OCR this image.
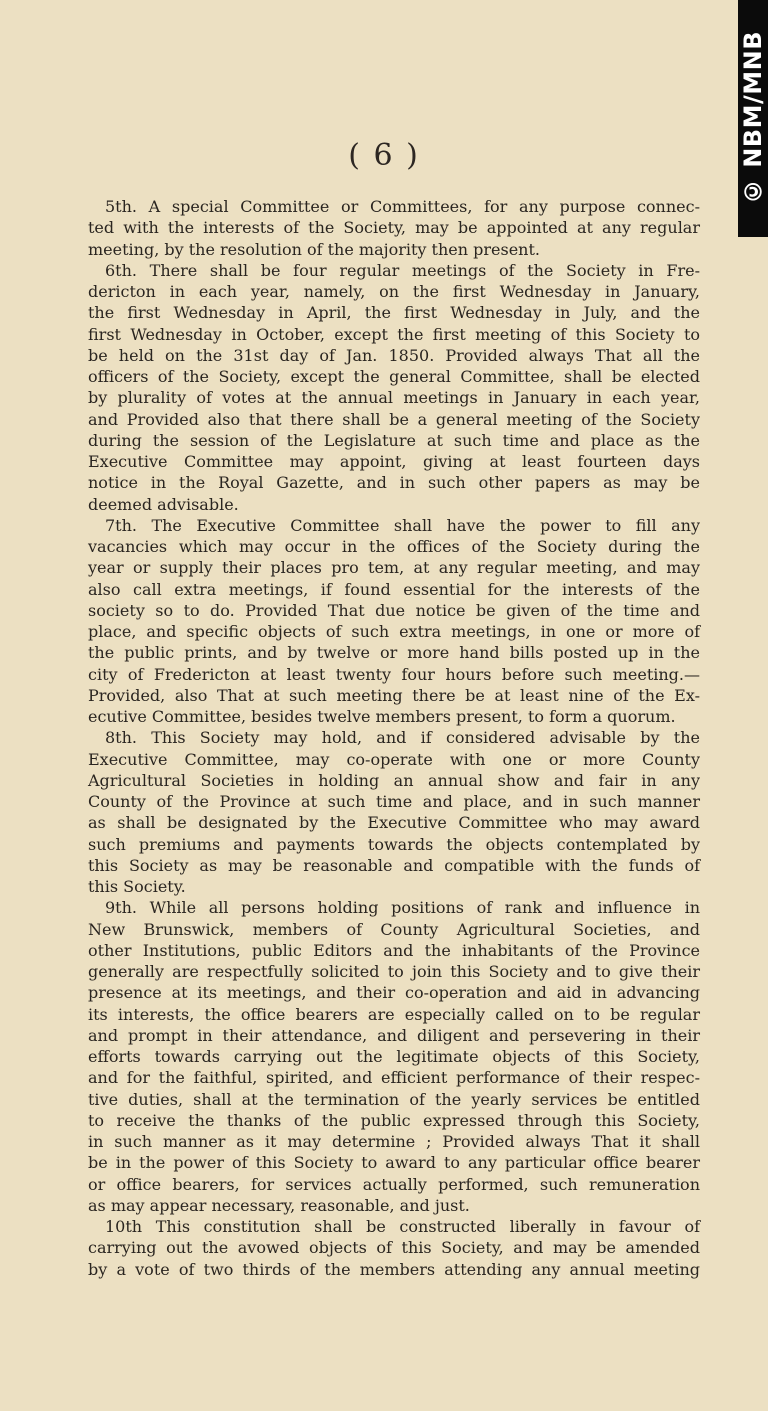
© NBM/MNB
( 6 )
5th. A special Committee or Committees, for any purpose connec-
ted with the interests of the Society, may be appointed at any regular
meeting, by the resolution of the majority then present.
6th. There shall be four regular meetings of the Society in Fre-
dericton in each year, namely, on the first Wednesday in January,
the first Wednesday in April, the first Wednesday in July, and the
first Wednesday in October, except the first meeting of this Society to
be held on the 31st day of Jan. 1850. Provided always That all the
officers of the Society, except the general Committee, shall be elected
by plurality of votes at the annual meetings in January in each year,
and Provided also that there shall be a general meeting of the Society
during the session of the Legislature at such time and place as the
Executive Committee may appoint, giving at least fourteen days
notice in the Royal Gazette, and in such other papers as may be
deemed advisable.
7th. The Executive Committee shall have the power to fill any
vacancies which may occur in the offices of the Society during the
year or supply their places pro tem, at any regular meeting, and may
also call extra meetings, if found essential for the interests of the
society so to do. Provided That due notice be given of the time and
place, and specific objects of such extra meetings, in one or more of
the public prints, and by twelve or more hand bills posted up in the
city of Fredericton at least twenty four hours before such meeting.—
Provided, also That at such meeting there be at least nine of the Ex-
ecutive Committee, besides twelve members present, to form a quorum.
8th. This Society may hold, and if considered advisable by the
Executive Committee, may co-operate with one or more County
Agricultural Societies in holding an annual show and fair in any
County of the Province at such time and place, and in such manner
as shall be designated by the Executive Committee who may award
such premiums and payments towards the objects contemplated by
this Society as may be reasonable and compatible with the funds of
this Society.
9th. While all persons holding positions of rank and influence in
New Brunswick, members of County Agricultural Societies, and
other Institutions, public Editors and the inhabitants of the Province
generally are respectfully solicited to join this Society and to give their
presence at its meetings, and their co-operation and aid in advancing
its interests, the office bearers are especially called on to be regular
and prompt in their attendance, and diligent and persevering in their
efforts towards carrying out the legitimate objects of this Society,
and for the faithful, spirited, and efficient performance of their respec-
tive duties, shall at the termination of the yearly services be entitled
to receive the thanks of the public expressed through this Society,
in such manner as it may determine ; Provided always That it shall
be in the power of this Society to award to any particular office bearer
or office bearers, for services actually performed, such remuneration
as may appear necessary, reasonable, and just.
10th This constitution shall be constructed liberally in favour of
carrying out the avowed objects of this Society, and may be amended
by a vote of two thirds of the members attending any annual meeting
